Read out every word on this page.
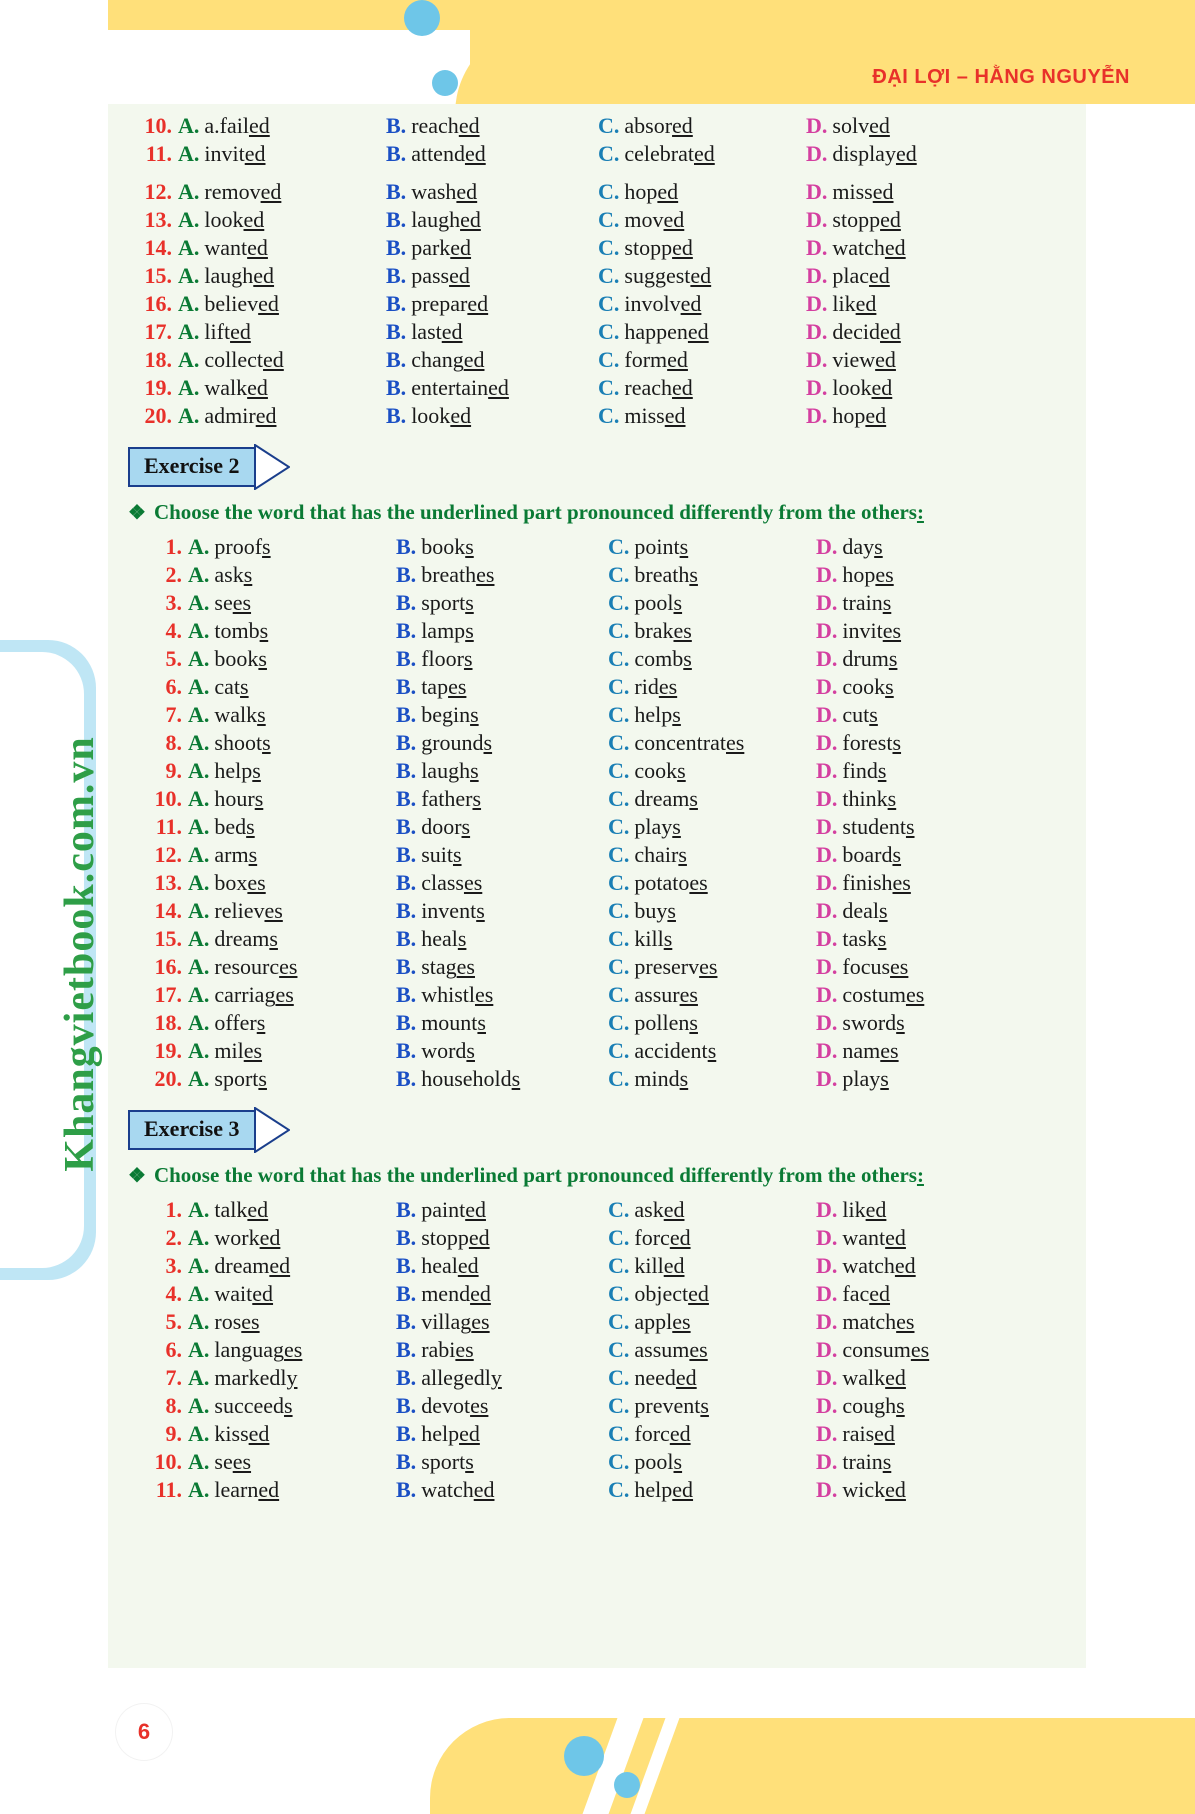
Khangvietbook.com.vn
ĐẠI LỢI – HẰNG NGUYỄN
10. A. a.failed	B. reached	C. absored	D. solved
11. A. invited	B. attended	C. celebrated	D. displayed
12. A. removed	B. washed	C. hoped	D. missed
13. A. looked	B. laughed	C. moved	D. stopped
14. A. wanted	B. parked	C. stopped	D. watched
15. A. laughed	B. passed	C. suggested	D. placed
16. A. believed	B. prepared	C. involved	D. liked
17. A. lifted	B. lasted	C. happened	D. decided
18. A. collected	B. changed	C. formed	D. viewed
19. A. walked	B. entertained	C. reached	D. looked
20. A. admired	B. looked	C. missed	D. hoped
Exercise 2
❖ Choose the word that has the underlined part pronounced differently from the others:
1. A. proofs	B. books	C. points	D. days
2. A. asks	B. breathes	C. breaths	D. hopes
3. A. sees	B. sports	C. pools	D. trains
4. A. tombs	B. lamps	C. brakes	D. invites
5. A. books	B. floors	C. combs	D. drums
6. A. cats	B. tapes	C. rides	D. cooks
7. A. walks	B. begins	C. helps	D. cuts
8. A. shoots	B. grounds	C. concentrates	D. forests
9. A. helps	B. laughs	C. cooks	D. finds
10. A. hours	B. fathers	C. dreams	D. thinks
11. A. beds	B. doors	C. plays	D. students
12. A. arms	B. suits	C. chairs	D. boards
13. A. boxes	B. classes	C. potatoes	D. finishes
14. A. relieves	B. invents	C. buys	D. deals
15. A. dreams	B. heals	C. kills	D. tasks
16. A. resources	B. stages	C. preserves	D. focuses
17. A. carriages	B. whistles	C. assures	D. costumes
18. A. offers	B. mounts	C. pollens	D. swords
19. A. miles	B. words	C. accidents	D. names
20. A. sports	B. households	C. minds	D. plays
Exercise 3
❖ Choose the word that has the underlined part pronounced differently from the others:
1. A. talked	B. painted	C. asked	D. liked
2. A. worked	B. stopped	C. forced	D. wanted
3. A. dreamed	B. healed	C. killed	D. watched
4. A. waited	B. mended	C. objected	D. faced
5. A. roses	B. villages	C. apples	D. matches
6. A. languages	B. rabies	C. assumes	D. consumes
7. A. markedly	B. allegedly	C. needed	D. walked
8. A. succeeds	B. devotes	C. prevents	D. coughs
9. A. kissed	B. helped	C. forced	D. raised
10. A. sees	B. sports	C. pools	D. trains
11. A. learned	B. watched	C. helped	D. wicked
6
